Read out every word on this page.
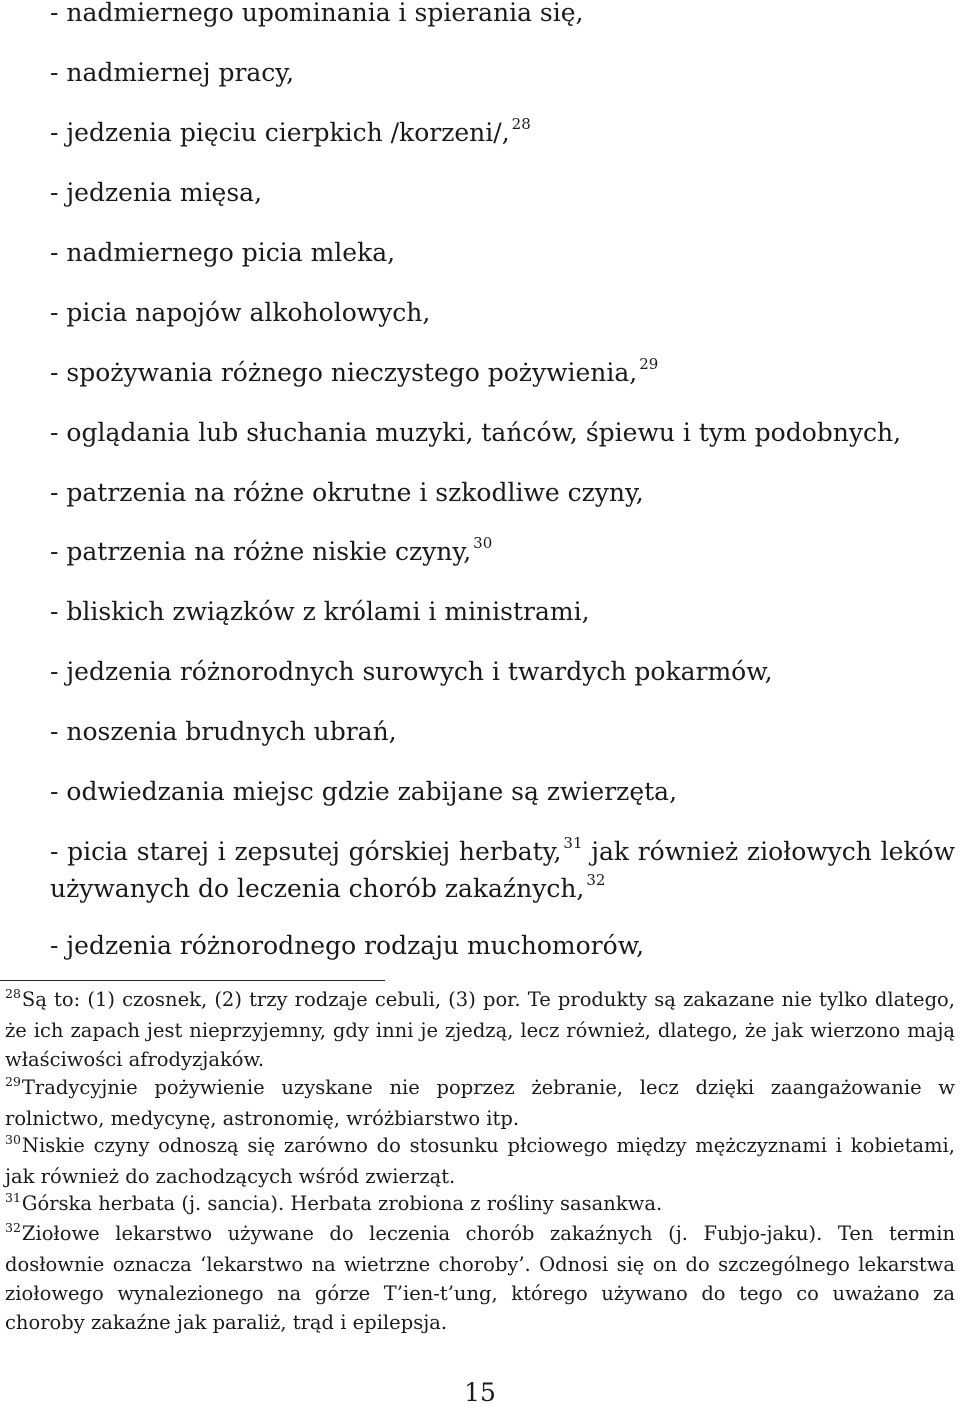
- nadmiernego upominania i spierania się,
- nadmiernej pracy,
- jedzenia pięciu cierpkich /korzeni/, $^{28}$
- jedzenia mięsa,
- nadmiernego picia mleka,
- picia napojów alkoholowych,
- spożywania różnego nieczystego pożywienia, $^{29}$
- oglądania lub słuchania muzyki, tańców, śpiewu i tym podobnych,
- patrzenia na różne okrutne i szkodliwe czyny,
- patrzenia na różne niskie czyny, $^{30}$
- bliskich związków z królami i ministrami,
- jedzenia różnorodnych surowych i twardych pokarmów,
- noszenia brudnych ubrań,
- odwiedzania miejsc gdzie zabijane są zwierzęta,
- picia starej i zepsutej górskiej herbaty, $^{31}$ jak również ziołowych leków używanych do leczenia chorób zakaźnych, $^{32}$
- jedzenia różnorodnego rodzaju muchomorów,
$^{28}$Są to: (1) czosnek, (2) trzy rodzaje cebuli, (3) por. Te produkty są zakazane nie tylko dlatego, że ich zapach jest nieprzyjemny, gdy inni je zjedzą, lecz również, dlatego, że jak wierzono mają właściwości afrodyzjaków.
$^{29}$Tradycyjnie pożywienie uzyskane nie poprzez żebranie, lecz dzięki zaangażowanie w rolnictwo, medycynę, astronomię, wróżbiarstwo itp.
$^{30}$Niskie czyny odnoszą się zarówno do stosunku płciowego między mężczyznami i kobietami, jak również do zachodzących wśród zwierząt.
$^{31}$Górska herbata (j. sancia). Herbata zrobiona z rośliny sasankwa.
$^{32}$Ziołowe lekarstwo używane do leczenia chorób zakaźnych (j. Fubjo-jaku). Ten termin dosłownie oznacza ‘lekarstwo na wietrzne choroby’. Odnosi się on do szczególnego lekarstwa ziołowego wynalezionego na górze T’ien-t’ung, którego używano do tego co uważano za choroby zakaźne jak paraliż, trąd i epilepsja.
15
